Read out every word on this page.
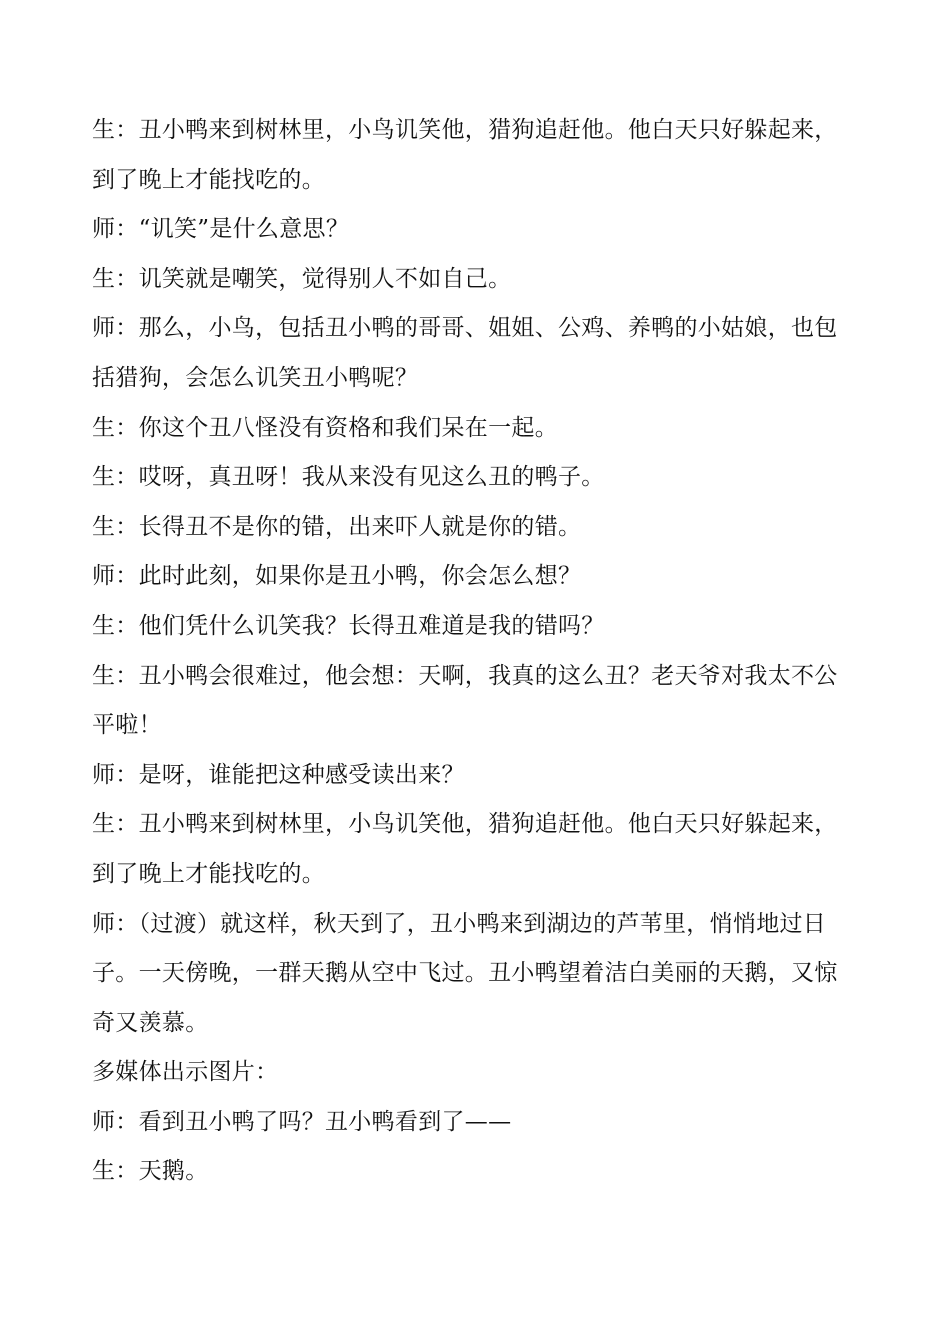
生：丑小鸭来到树林里，小鸟讥笑他，猎狗追赶他。他白天只好躲起来，
到了晚上才能找吃的。
师：“讥笑”是什么意思？
生：讥笑就是嘲笑，觉得别人不如自己。
师：那么，小鸟，包括丑小鸭的哥哥、姐姐、公鸡、养鸭的小姑娘，也包
括猎狗，会怎么讥笑丑小鸭呢？
生：你这个丑八怪没有资格和我们呆在一起。
生：哎呀，真丑呀！我从来没有见这么丑的鸭子。
生：长得丑不是你的错，出来吓人就是你的错。
师：此时此刻，如果你是丑小鸭，你会怎么想？
生：他们凭什么讥笑我？长得丑难道是我的错吗？
生：丑小鸭会很难过，他会想：天啊，我真的这么丑？老天爷对我太不公
平啦！
师：是呀，谁能把这种感受读出来？
生：丑小鸭来到树林里，小鸟讥笑他，猎狗追赶他。他白天只好躲起来，
到了晚上才能找吃的。
师：（过渡）就这样，秋天到了，丑小鸭来到湖边的芦苇里，悄悄地过日
子。一天傍晚，一群天鹅从空中飞过。丑小鸭望着洁白美丽的天鹅，又惊
奇又羡慕。
多媒体出示图片：
师：看到丑小鸭了吗？丑小鸭看到了——
生：天鹅。
